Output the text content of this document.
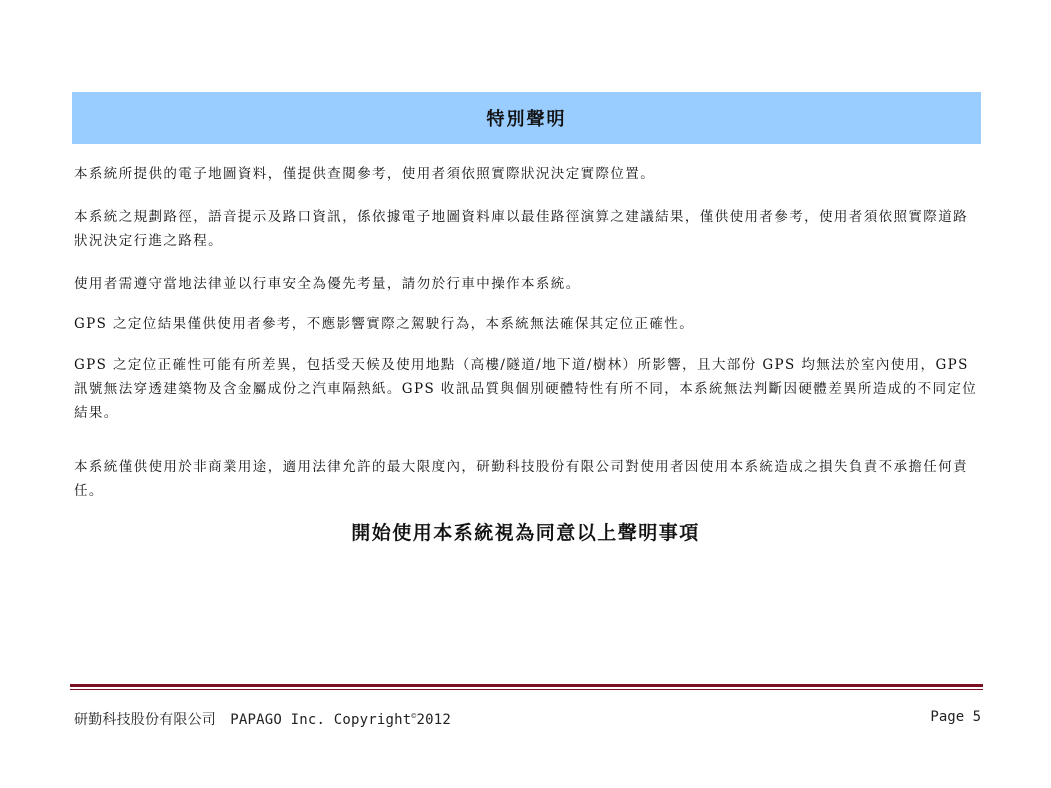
特別聲明

本系統所提供的電子地圖資料，僅提供查閱參考，使用者須依照實際狀況決定實際位置。

本系統之規劃路徑，語音提示及路口資訊，係依據電子地圖資料庫以最佳路徑演算之建議結果，僅供使用者參考，使用者須依照實際道路狀況決定行進之路程。

使用者需遵守當地法律並以行車安全為優先考量，請勿於行車中操作本系統。

GPS 之定位結果僅供使用者參考，不應影響實際之駕駛行為，本系統無法確保其定位正確性。

GPS 之定位正確性可能有所差異，包括受天候及使用地點（高樓/隧道/地下道/樹林）所影響，且大部份 GPS 均無法於室內使用，GPS 訊號無法穿透建築物及含金屬成份之汽車隔熱紙。GPS 收訊品質與個別硬體特性有所不同，本系統無法判斷因硬體差異所造成的不同定位結果。

本系統僅供使用於非商業用途，適用法律允許的最大限度內，研勤科技股份有限公司對使用者因使用本系統造成之損失負責不承擔任何責任。

開始使用本系統視為同意以上聲明事項
研勤科技股份有限公司　PAPAGO Inc. Copyright©2012	Page 5
